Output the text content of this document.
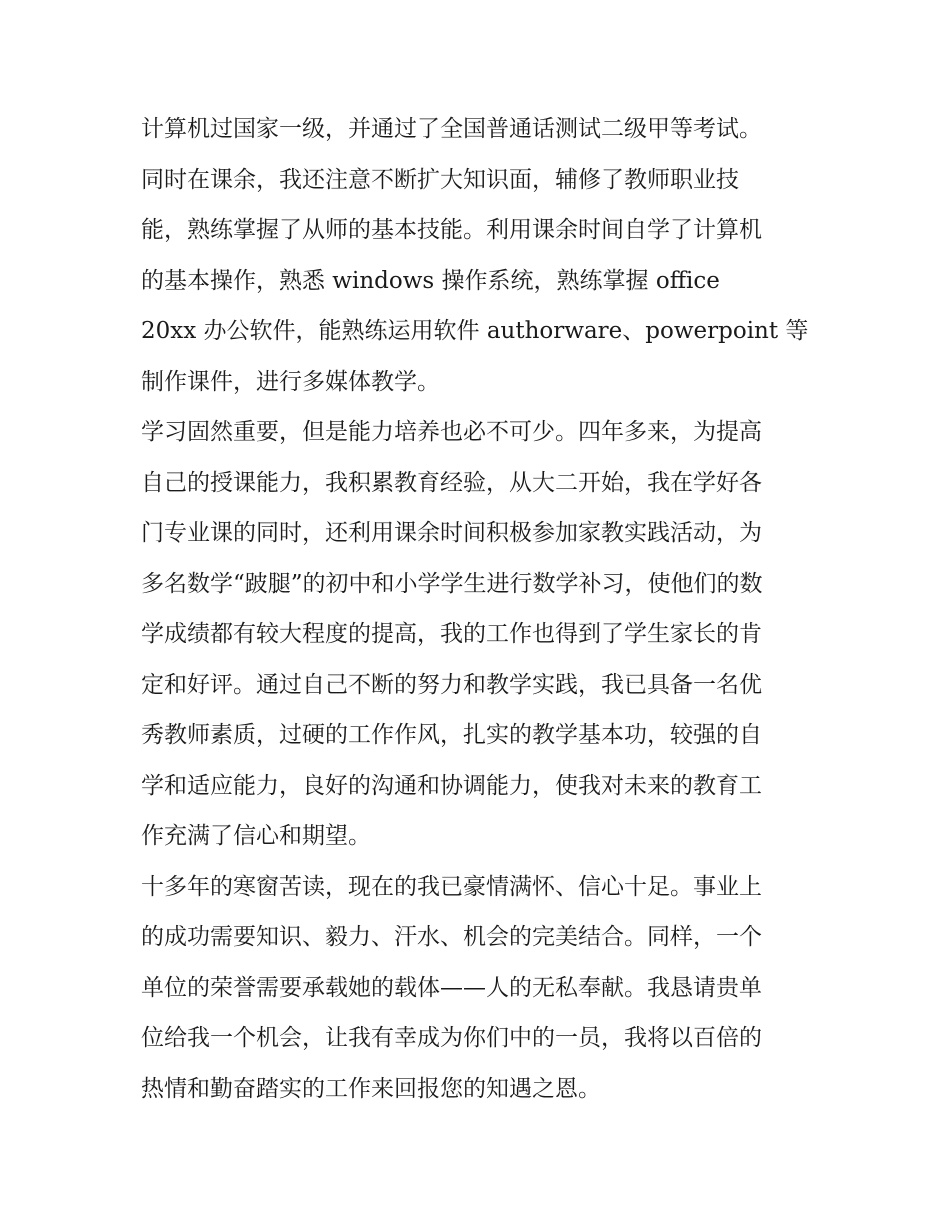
计算机过国家一级，并通过了全国普通话测试二级甲等考试。
同时在课余，我还注意不断扩大知识面，辅修了教师职业技
能，熟练掌握了从师的基本技能。利用课余时间自学了计算机
的基本操作，熟悉 windows 操作系统，熟练掌握 office
20xx 办公软件，能熟练运用软件 authorware、powerpoint 等
制作课件，进行多媒体教学。
学习固然重要，但是能力培养也必不可少。四年多来，为提高
自己的授课能力，我积累教育经验，从大二开始，我在学好各
门专业课的同时，还利用课余时间积极参加家教实践活动，为
多名数学“跛腿”的初中和小学学生进行数学补习，使他们的数
学成绩都有较大程度的提高，我的工作也得到了学生家长的肯
定和好评。通过自己不断的努力和教学实践，我已具备一名优
秀教师素质，过硬的工作作风，扎实的教学基本功，较强的自
学和适应能力，良好的沟通和协调能力，使我对未来的教育工
作充满了信心和期望。
十多年的寒窗苦读，现在的我已豪情满怀、信心十足。事业上
的成功需要知识、毅力、汗水、机会的完美结合。同样，一个
单位的荣誉需要承载她的载体——人的无私奉献。我恳请贵单
位给我一个机会，让我有幸成为你们中的一员，我将以百倍的
热情和勤奋踏实的工作来回报您的知遇之恩。
